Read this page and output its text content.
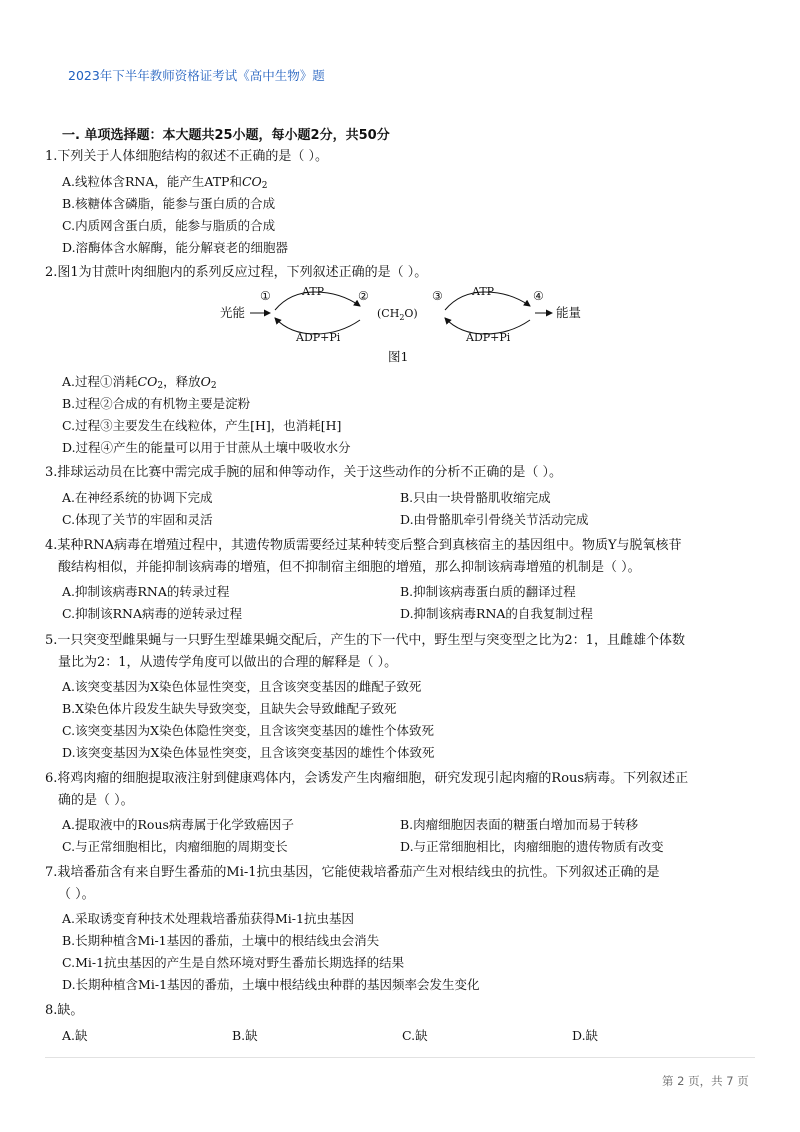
2023年下半年教师资格证考试《高中生物》题
一. 单项选择题：本大题共25小题，每小题2分，共50分
1.下列关于人体细胞结构的叙述不正确的是（ ）。
A.线粒体含RNA，能产生ATP和$CO_2$
B.核糖体含磷脂，能参与蛋白质的合成
C.内质网含蛋白质，能参与脂质的合成
D.溶酶体含水解酶，能分解衰老的细胞器
2.图1为甘蔗叶肉细胞内的系列反应过程，下列叙述正确的是（ ）。
光能
①	ATP
ADP+Pi
②
$(CH_2O)$
③	ATP
ADP+Pi
④
能量
图1
A.过程①消耗$CO_2$，释放$O_2$
B.过程②合成的有机物主要是淀粉
C.过程③主要发生在线粒体，产生[H]，也消耗[H]
D.过程④产生的能量可以用于甘蔗从土壤中吸收水分
3.排球运动员在比赛中需完成手腕的屈和伸等动作，关于这些动作的分析不正确的是（ ）。
A.在神经系统的协调下完成	B.只由一块骨骼肌收缩完成
C.体现了关节的牢固和灵活	D.由骨骼肌牵引骨绕关节活动完成
4.某种RNA病毒在增殖过程中，其遗传物质需要经过某种转变后整合到真核宿主的基因组中。物质Y与脱氧核苷
酸结构相似，并能抑制该病毒的增殖，但不抑制宿主细胞的增殖，那么抑制该病毒增殖的机制是（ ）。
A.抑制该病毒RNA的转录过程	B.抑制该病毒蛋白质的翻译过程
C.抑制该RNA病毒的逆转录过程	D.抑制该病毒RNA的自我复制过程
5.一只突变型雌果蝇与一只野生型雄果蝇交配后，产生的下一代中，野生型与突变型之比为2：1，且雌雄个体数
量比为2：1，从遗传学角度可以做出的合理的解释是（ ）。
A.该突变基因为X染色体显性突变，且含该突变基因的雌配子致死
B.X染色体片段发生缺失导致突变，且缺失会导致雌配子致死
C.该突变基因为X染色体隐性突变，且含该突变基因的雄性个体致死
D.该突变基因为X染色体显性突变，且含该突变基因的雄性个体致死
6.将鸡肉瘤的细胞提取液注射到健康鸡体内，会诱发产生肉瘤细胞，研究发现引起肉瘤的Rous病毒。下列叙述正
确的是（ ）。
A.提取液中的Rous病毒属于化学致癌因子	B.肉瘤细胞因表面的糖蛋白增加而易于转移
C.与正常细胞相比，肉瘤细胞的周期变长	D.与正常细胞相比，肉瘤细胞的遗传物质有改变
7.栽培番茄含有来自野生番茄的Mi-1抗虫基因，它能使栽培番茄产生对根结线虫的抗性。下列叙述正确的是
（ ）。
A.采取诱变育种技术处理栽培番茄获得Mi-1抗虫基因
B.长期种植含Mi-1基因的番茄，土壤中的根结线虫会消失
C.Mi-1抗虫基因的产生是自然环境对野生番茄长期选择的结果
D.长期种植含Mi-1基因的番茄，土壤中根结线虫种群的基因频率会发生变化
8.缺。
A.缺	B.缺	C.缺	D.缺
第 2 页，共 7 页
